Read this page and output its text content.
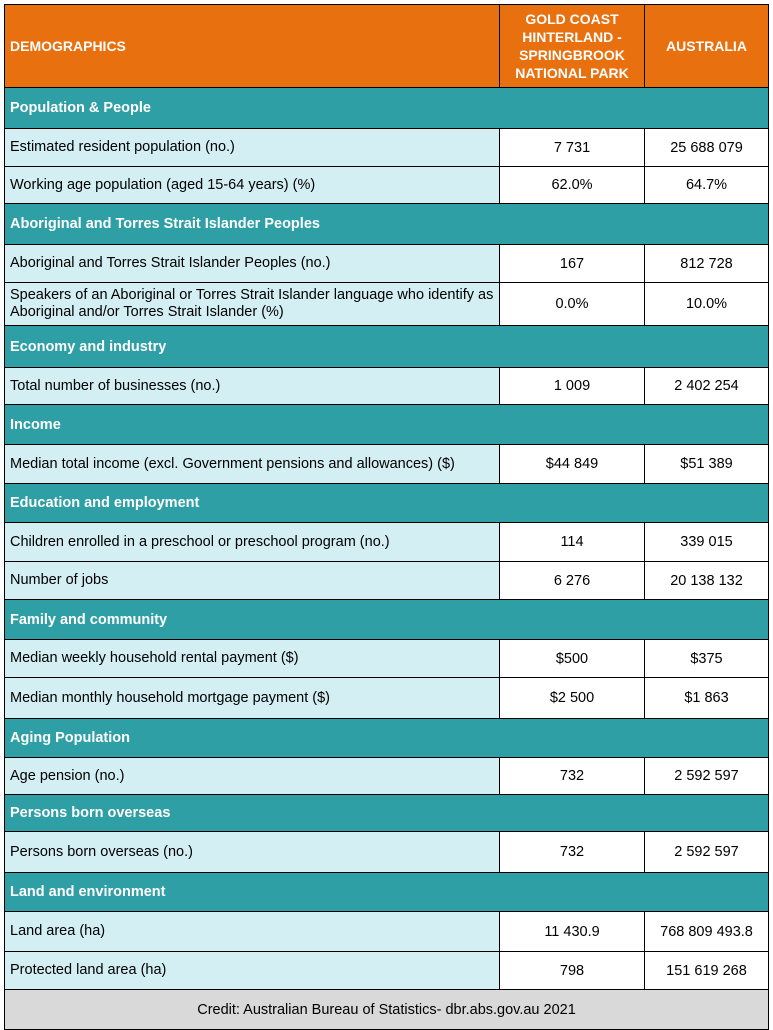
DEMOGRAPHICS	GOLD COAST HINTERLAND - SPRINGBROOK NATIONAL PARK	AUSTRALIA
Population & People		
Estimated resident population (no.)	7 731	25 688 079
Working age population (aged 15-64 years) (%)	62.0%	64.7%
Aboriginal and Torres Strait Islander Peoples		
Aboriginal and Torres Strait Islander Peoples (no.)	167	812 728
Speakers of an Aboriginal or Torres Strait Islander language who identify as Aboriginal and/or Torres Strait Islander (%)	0.0%	10.0%
Economy and industry		
Total number of businesses (no.)	1 009	2 402 254
Income		
Median total income (excl. Government pensions and allowances) ($)	$44 849	$51 389
Education and employment		
Children enrolled in a preschool or preschool program (no.)	114	339 015
Number of jobs	6 276	20 138 132
Family and community		
Median weekly household rental payment ($)	$500	$375
Median monthly household mortgage payment ($)	$2 500	$1 863
Aging Population		
Age pension (no.)	732	2 592 597
Persons born overseas		
Persons born overseas (no.)	732	2 592 597
Land and environment		
Land area (ha)	11 430.9	768 809 493.8
Protected land area (ha)	798	151 619 268
Credit: Australian Bureau of Statistics- dbr.abs.gov.au 2021		
